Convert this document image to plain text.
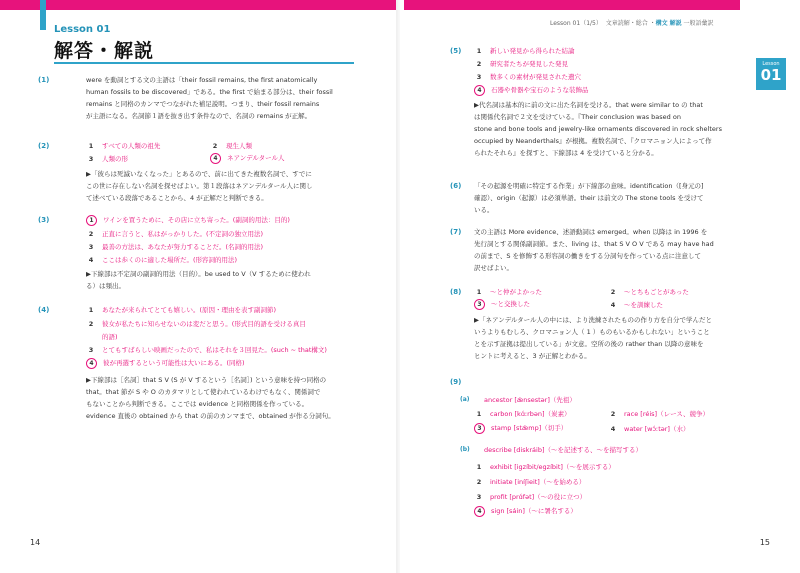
Lesson 01
解答・解説
(1)	were を動詞とする文の主語は「their fossil remains, the first anatomically
human fossils to be discovered」である。the first で始まる部分は、their fossil
remains と同格のカンマでつながれた補足説明。つまり、their fossil remains
が主語になる。名詞節１語を抜き出す条件なので、名詞の remains が正解。
(2)	1 すべての人類の祖先	2 現生人類
3 人類の形	4 ネアンデルタール人
▶「彼らは死滅いなくなった」とあるので、前に出てきた複数名詞で、すでに
この世に存在しない名詞を探せばよい。第１段落はネアンデルタール人に関し
て述べている段落であることから、4 が正解だと判断できる。
(3)	1 ワインを買うために、その店に立ち寄った。(副詞的用法：目的)
2 正直に言うと、私はがっかりした。(不定詞の独立用法)
3 最善の方法は、あなたが努力することだ。(名詞的用法)
4 ここは歩くのに適した場所だ。(形容詞的用法)
▶下線部は不定詞の副詞的用法（目的）。be used to V（V するために使われ
る）は頻出。
(4)	1 あなたが来られてとても嬉しい。(原因・理由を表す副詞節)
2 彼女が私たちに知らせないのは変だと思う。(形式目的語を受ける真目
的語)
3 とてもすばらしい映画だったので、私はそれを３回見た。(such ~ that構文)
4 彼が再選するという可能性は大いにある。(同格)
▶下線部は［名詞］that S V (S が V するという［名詞］) という意味を持つ同格の
that。that 節が S や O のカタマリとして使われているわけでもなく、関係詞で
もないことから判断できる。ここでは evidence と同格関係を作っている。
evidence 直後の obtained から that の前のカンマまで、obtained が作る分詞句。
14
Lesson 01（1/5） 文章読解・総合 ・構文 解説 一般語彙訳
Lesson
01
(5)	1 新しい発見から得られた結論
2 研究者たちが発見した発見
3 数多くの素材が発見された遺穴
4 石器や骨器や宝石のような装飾品
▶代名詞は基本的に前の文に出た名詞を受ける。that were similar to の that
は関係代名詞で２文を受けている。『Their conclusion was based on
stone and bone tools and jewelry-like ornaments discovered in rock shelters
occupied by Neanderthals』が根拠。複数名詞で、『クロマニョン人によって作
られたそれら』を探すと、下線部は 4 を受けていると分かる。
(6) 「その起源を明確に特定する作業」が下線部の意味。identification（[身元の]
確認）、origin（起源）は必須単語。their は前文の The stone tools を受けて
いる。
(7) 文の主語は More evidence、述語動詞は emerged。when 以降は in 1996 を
先行詞とする関係副詞節。また、living は、that S V O V である may have had
の前まで、S を修飾する形容詞の働きをする分詞句を作っている点に注意して
訳せばよい。
(8)	1 ～と仲がよかった	2 ～とちもごとがあった
3 ～と交換した	4 ～を訓練した
▶「ネアンデルタール人の中には、より洗練されたものの作り方を自分で学んだと
いうよりもむしろ、クロマニョン人（ 1 ）ものもいるかもしれない」ということ
とを示す証拠は提出している」が文意。空所の後の rather than 以降の意味を
ヒントに考えると、3 が正解とわかる。
(9)
(a) ancestor [ǽnsestər]（先祖）
1 carbon [kɑ́ːrbən]（炭素）	2 race [réis]（レース、競争）
3 stamp [stǽmp]（切手）	4 water [wɔ́ːtər]（水）
(b) describe [diskráib]（～を記述する、～を描写する）
1 exhibit [igzíbit/egzíbit]（～を展示する）
2 initiate [iníʃieit]（～を始める）
3 profit [prɑ́fət]（～の役に立つ）
4 sign [sáin]（～に署名する）
15
